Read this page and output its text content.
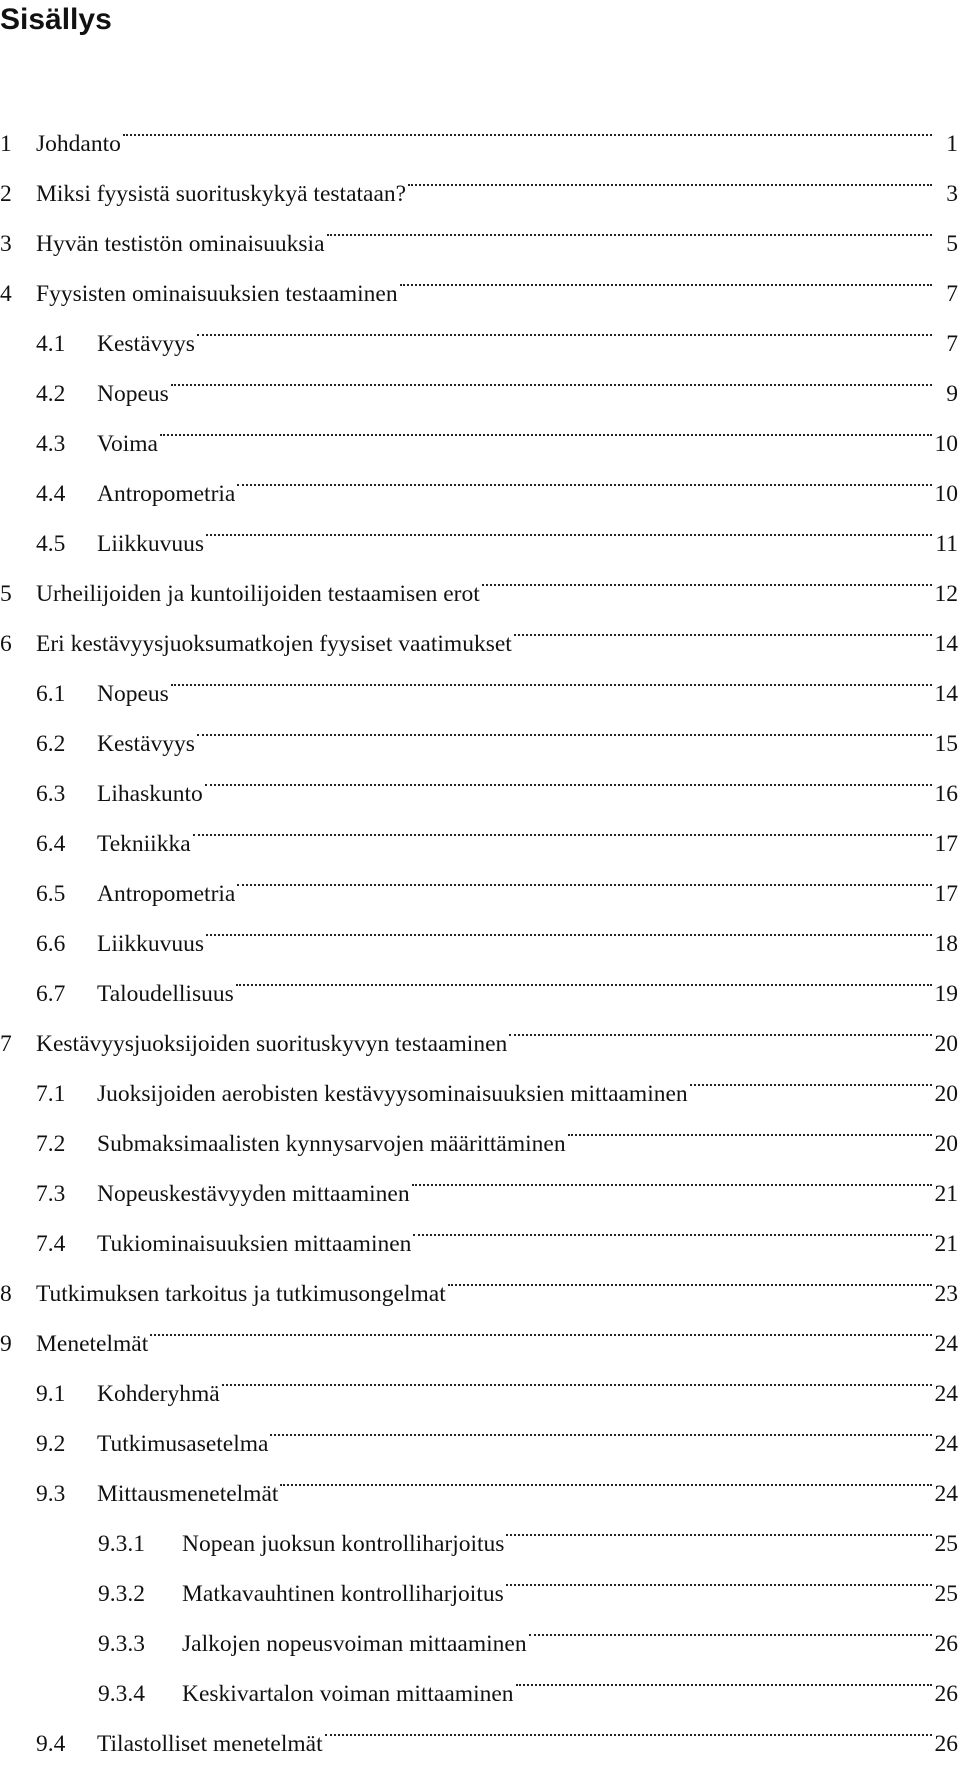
Sisällys
1	Johdanto	1
2	Miksi fyysistä suorituskykyä testataan?	3
3	Hyvän testistön ominaisuuksia	5
4	Fyysisten ominaisuuksien testaaminen	7
4.1	Kestävyys	7
4.2	Nopeus	9
4.3	Voima	10
4.4	Antropometria	10
4.5	Liikkuvuus	11
5	Urheilijoiden ja kuntoilijoiden testaamisen erot	12
6	Eri kestävyysjuoksumatkojen fyysiset vaatimukset	14
6.1	Nopeus	14
6.2	Kestävyys	15
6.3	Lihaskunto	16
6.4	Tekniikka	17
6.5	Antropometria	17
6.6	Liikkuvuus	18
6.7	Taloudellisuus	19
7	Kestävyysjuoksijoiden suorituskyvyn testaaminen	20
7.1	Juoksijoiden aerobisten kestävyysominaisuuksien mittaaminen	20
7.2	Submaksimaalisten kynnysarvojen määrittäminen	20
7.3	Nopeuskestävyyden mittaaminen	21
7.4	Tukiominaisuuksien mittaaminen	21
8	Tutkimuksen tarkoitus ja tutkimusongelmat	23
9	Menetelmät	24
9.1	Kohderyhmä	24
9.2	Tutkimusasetelma	24
9.3	Mittausmenetelmät	24
9.3.1	Nopean juoksun kontrolliharjoitus	25
9.3.2	Matkavauhtinen kontrolliharjoitus	25
9.3.3	Jalkojen nopeusvoiman mittaaminen	26
9.3.4	Keskivartalon voiman mittaaminen	26
9.4	Tilastolliset menetelmät	26
